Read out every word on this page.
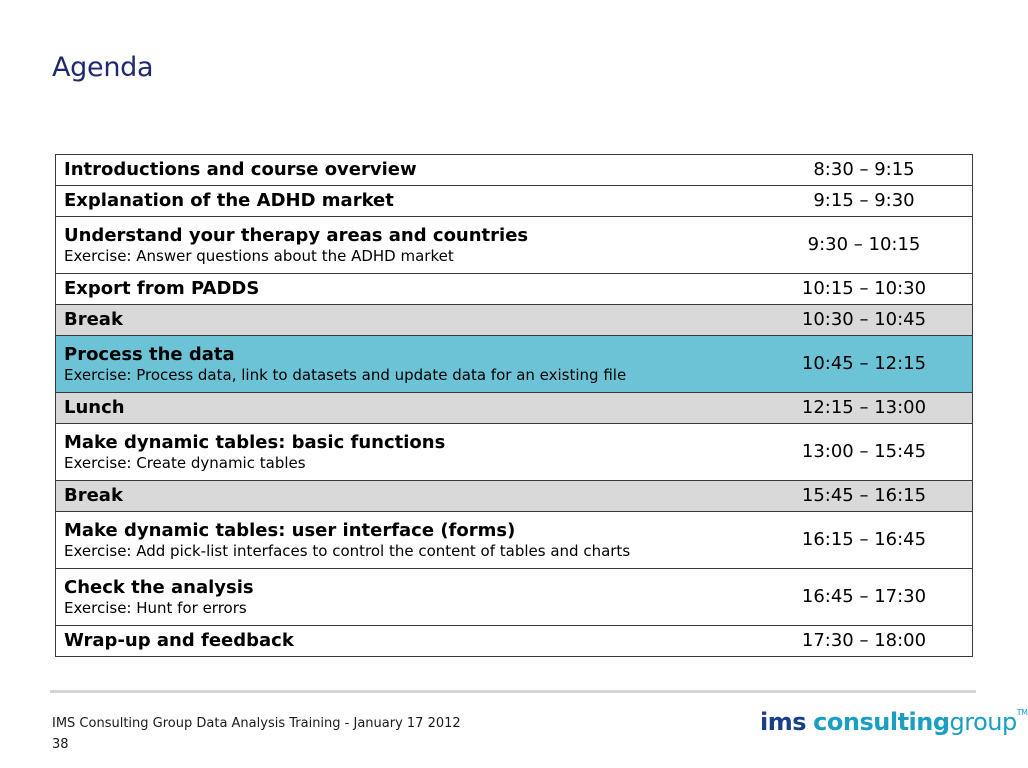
Agenda
Introductions and course overview	8:30 – 9:15

Explanation of the ADHD market	9:15 – 9:30

Understand your therapy areas and countries
Exercise: Answer questions about the ADHD market	9:30 – 10:15

Export from PADDS	10:15 – 10:30

Break	10:30 – 10:45

Process the data
Exercise: Process data, link to datasets and update data for an existing file	10:45 – 12:15

Lunch	12:15 – 13:00

Make dynamic tables: basic functions
Exercise: Create dynamic tables	13:00 – 15:45

Break	15:45 – 16:15

Make dynamic tables: user interface (forms)
Exercise: Add pick-list interfaces to control the content of tables and charts	16:15 – 16:45

Check the analysis
Exercise: Hunt for errors	16:45 – 17:30

Wrap-up and feedback	17:30 – 18:00
IMS Consulting Group Data Analysis Training - January 17 2012
38
ims consultinggroup™
